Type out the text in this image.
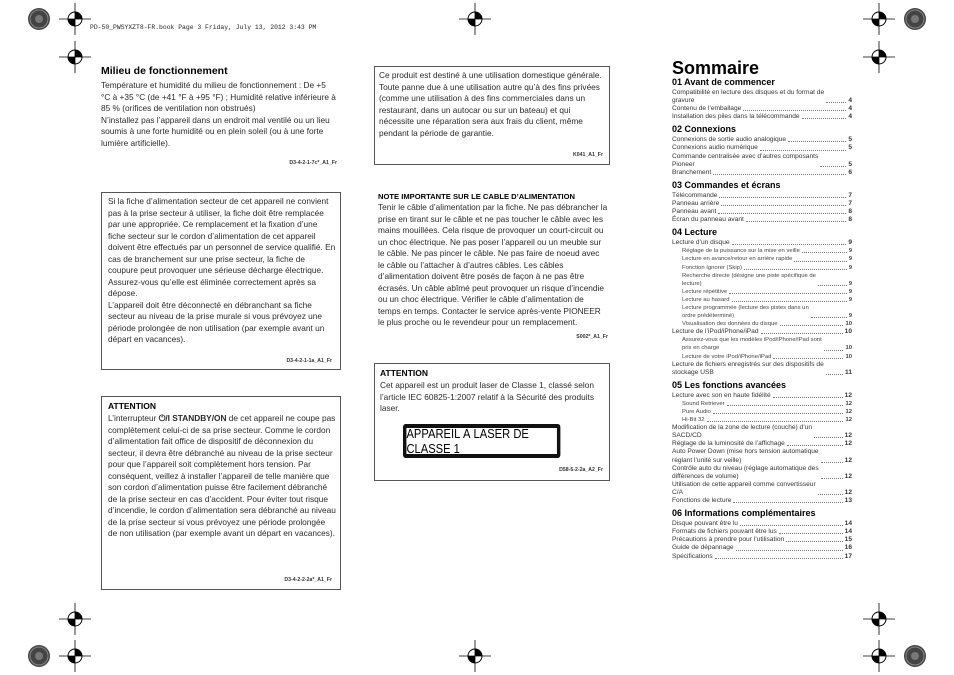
PD-50_PWSYXZT8-FR.book Page 3 Friday, July 13, 2012 3:43 PM
Milieu de fonctionnement
Température et humidité du milieu de fonctionnement : De +5 °C à +35 °C (de +41 °F à +95 °F) ; Humidité relative inférieure à 85 % (orifices de ventilation non obstrués)
N’installez pas l’appareil dans un endroit mal ventilé ou un lieu soumis à une forte humidité ou en plein soleil (ou à une forte lumière artificielle).
D3-4-2-1-7c*_A1_Fr
Si la fiche d’alimentation secteur de cet appareil ne convient pas à la prise secteur à utiliser, la fiche doit être remplacée par une appropriée. Ce remplacement et la fixation d’une fiche secteur sur le cordon d’alimentation de cet appareil doivent être effectués par un personnel de service qualifié. En cas de branchement sur une prise secteur, la fiche de coupure peut provoquer une sérieuse décharge électrique. Assurez-vous qu’elle est éliminée correctement après sa dépose.
L’appareil doit être déconnecté en débranchant sa fiche secteur au niveau de la prise murale si vous prévoyez une période prolongée de non utilisation (par exemple avant un départ en vacances).
D3-4-2-1-1a_A1_Fr
ATTENTION
L’interrupteur ⏻/I STANDBY/ON de cet appareil ne coupe pas complètement celui-ci de sa prise secteur. Comme le cordon d’alimentation fait office de dispositif de déconnexion du secteur, il devra être débranché au niveau de la prise secteur pour que l’appareil soit complètement hors tension. Par conséquent, veillez à installer l’appareil de telle manière que son cordon d’alimentation puisse être facilement débranché de la prise secteur en cas d’accident. Pour éviter tout risque d’incendie, le cordon d’alimentation sera débranché au niveau de la prise secteur si vous prévoyez une période prolongée de non utilisation (par exemple avant un départ en vacances).
D3-4-2-2-2a*_A1_Fr
Ce produit est destiné à une utilisation domestique générale. Toute panne due à une utilisation autre qu’à des fins privées (comme une utilisation à des fins commerciales dans un restaurant, dans un autocar ou sur un bateau) et qui nécessite une réparation sera aux frais du client, même pendant la période de garantie.
K041_A1_Fr
NOTE IMPORTANTE SUR LE CABLE D’ALIMENTATION
Tenir le câble d’alimentation par la fiche. Ne pas débrancher la prise en tirant sur le câble et ne pas toucher le câble avec les mains mouillées. Cela risque de provoquer un court-circuit ou un choc électrique. Ne pas poser l’appareil ou un meuble sur le câble. Ne pas pincer le câble. Ne pas faire de noeud avec le câble ou l’attacher à d’autres câbles. Les câbles d’alimentation doivent être posés de façon à ne pas être écrasés. Un câble abîmé peut provoquer un risque d’incendie ou un choc électrique. Vérifier le câble d’alimentation de temps en temps. Contacter le service après-vente PIONEER le plus proche ou le revendeur pour un remplacement.
S002*_A1_Fr
ATTENTION
Cet appareil est un produit laser de Classe 1, classé selon l’article IEC 60825-1:2007 relatif à la Sécurité des produits laser.
APPAREIL À LASER DE CLASSE 1
D58-5-2-2a_A2_Fr
Sommaire
01 Avant de commencer
Compatibilité en lecture des disques et du format de
gravure	4
Contenu de l’emballage	4
Installation des piles dans la télécommande	4
02 Connexions
Connexions de sortie audio analogique	5
Connexions audio numérique	5
Commande centralisée avec d’autres composants
Pioneer	5
Branchement	6
03 Commandes et écrans
Télécommande	7
Panneau arrière	7
Panneau avant	8
Écran du panneau avant	8
04 Lecture
Lecture d’un disque	9
Réglage de la puissance sur la mise en veille	9
Lecture en avance/retour en arrière rapide	9
Fonction Ignorer (Skip)	9
Recherche directe (désigne une piste spécifique de
lecture)	9
Lecture répétitive	9
Lecture au hasard	9
Lecture programmée (lecture des pistes dans un
ordre prédéterminé)	9
Visualisation des données du disque	10
Lecture de l’iPod/iPhone/iPad	10
Assurez-vous que les modèles iPod/iPhone/iPad sont
pris en charge	10
Lecture de votre iPod/iPhone/iPad	10
Lecture de fichiers enregistrés sur des dispositifs de
stockage USB	11
05 Les fonctions avancées
Lecture avec son en haute fidélité	12
Sound Retriever	12
Pure Audio	12
Hi-Bit 32	12
Modification de la zone de lecture (couche) d’un
SACD/CD	12
Réglage de la luminosité de l’affichage	12
Auto Power Down (mise hors tension automatique
réglant l’unité sur veille)	12
Contrôle auto du niveau (réglage automatique des
différences de volume)	12
Utilisation de cette appareil comme convertisseur
C/A	12
Fonctions de lecture	13
06 Informations complémentaires
Disque pouvant être lu	14
Formats de fichiers pouvant être lus	14
Précautions à prendre pour l’utilisation	15
Guide de dépannage	16
Spécifications	17
